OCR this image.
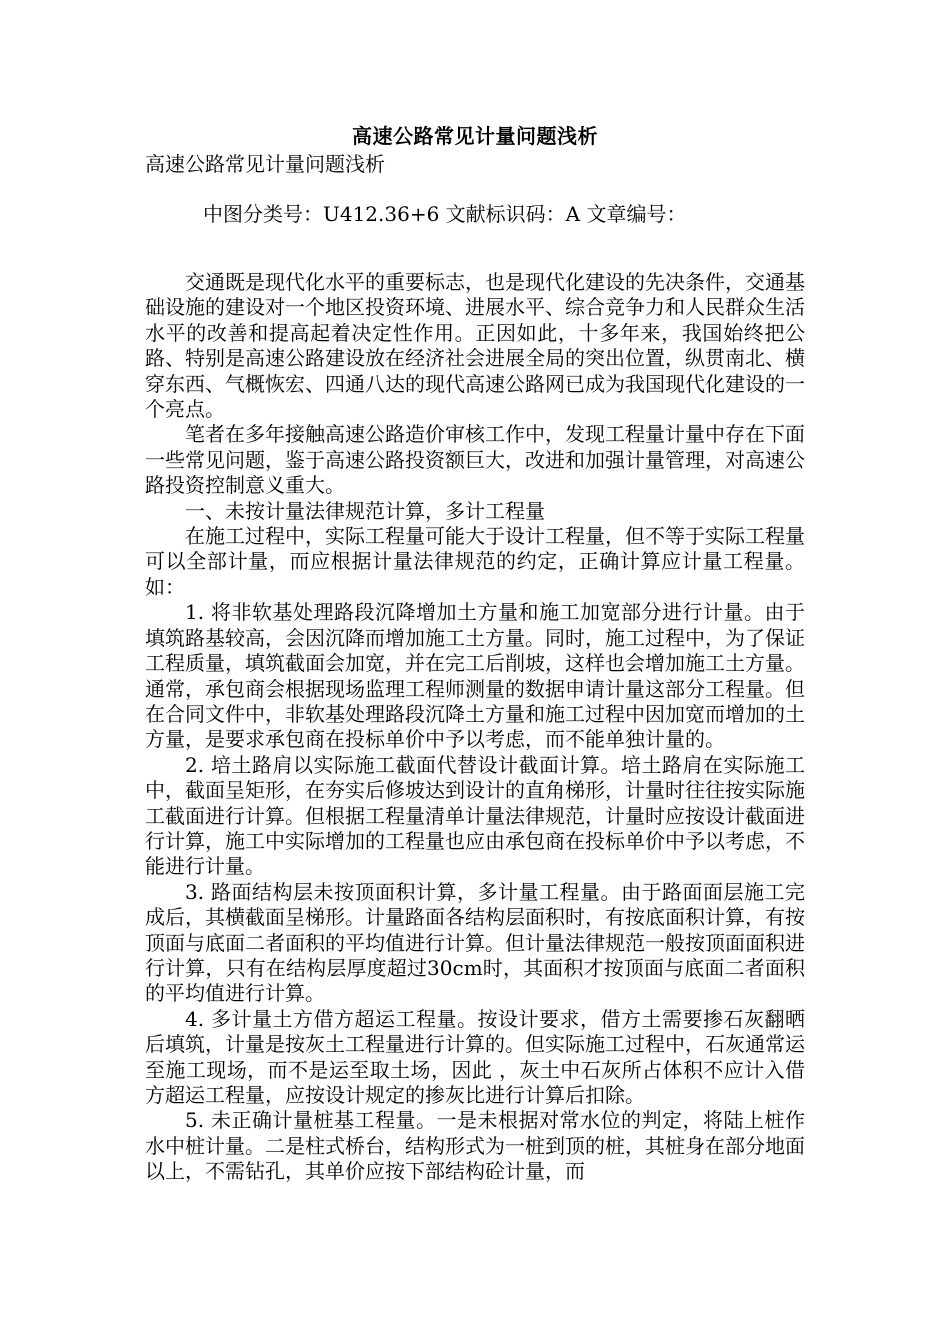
高速公路常见计量问题浅析
高速公路常见计量问题浅析
中图分类号：U412.36+6 文献标识码：A 文章编号：

交通既是现代化水平的重要标志，也是现代化建设的先决条件，交通基础设施的建设对一个地区投资环境、进展水平、综合竞争力和人民群众生活水平的改善和提高起着决定性作用。正因如此，十多年来，我国始终把公路、特别是高速公路建设放在经济社会进展全局的突出位置，纵贯南北、横穿东西、气概恢宏、四通八达的现代高速公路网已成为我国现代化建设的一个亮点。

笔者在多年接触高速公路造价审核工作中，发现工程量计量中存在下面一些常见问题，鉴于高速公路投资额巨大，改进和加强计量管理，对高速公路投资控制意义重大。

一、未按计量法律规范计算，多计工程量

在施工过程中，实际工程量可能大于设计工程量，但不等于实际工程量可以全部计量，而应根据计量法律规范的约定，正确计算应计量工程量。如：

1. 将非软基处理路段沉降增加土方量和施工加宽部分进行计量。由于填筑路基较高，会因沉降而增加施工土方量。同时，施工过程中，为了保证工程质量，填筑截面会加宽，并在完工后削坡，这样也会增加施工土方量。通常，承包商会根据现场监理工程师测量的数据申请计量这部分工程量。但在合同文件中，非软基处理路段沉降土方量和施工过程中因加宽而增加的土方量，是要求承包商在投标单价中予以考虑，而不能单独计量的。

2. 培土路肩以实际施工截面代替设计截面计算。培土路肩在实际施工中，截面呈矩形，在夯实后修坡达到设计的直角梯形，计量时往往按实际施工截面进行计算。但根据工程量清单计量法律规范，计量时应按设计截面进行计算，施工中实际增加的工程量也应由承包商在投标单价中予以考虑，不能进行计量。

3. 路面结构层未按顶面积计算，多计量工程量。由于路面面层施工完成后，其横截面呈梯形。计量路面各结构层面积时，有按底面积计算，有按顶面与底面二者面积的平均值进行计算。但计量法律规范一般按顶面面积进行计算，只有在结构层厚度超过30cm时，其面积才按顶面与底面二者面积的平均值进行计算。

4. 多计量土方借方超运工程量。按设计要求，借方土需要掺石灰翻晒后填筑，计量是按灰土工程量进行计算的。但实际施工过程中，石灰通常运至施工现场，而不是运至取土场，因此 ，灰土中石灰所占体积不应计入借方超运工程量，应按设计规定的掺灰比进行计算后扣除。

5. 未正确计量桩基工程量。一是未根据对常水位的判定，将陆上桩作水中桩计量。二是柱式桥台，结构形式为一桩到顶的桩，其桩身在部分地面以上，不需钻孔，其单价应按下部结构砼计量，而
